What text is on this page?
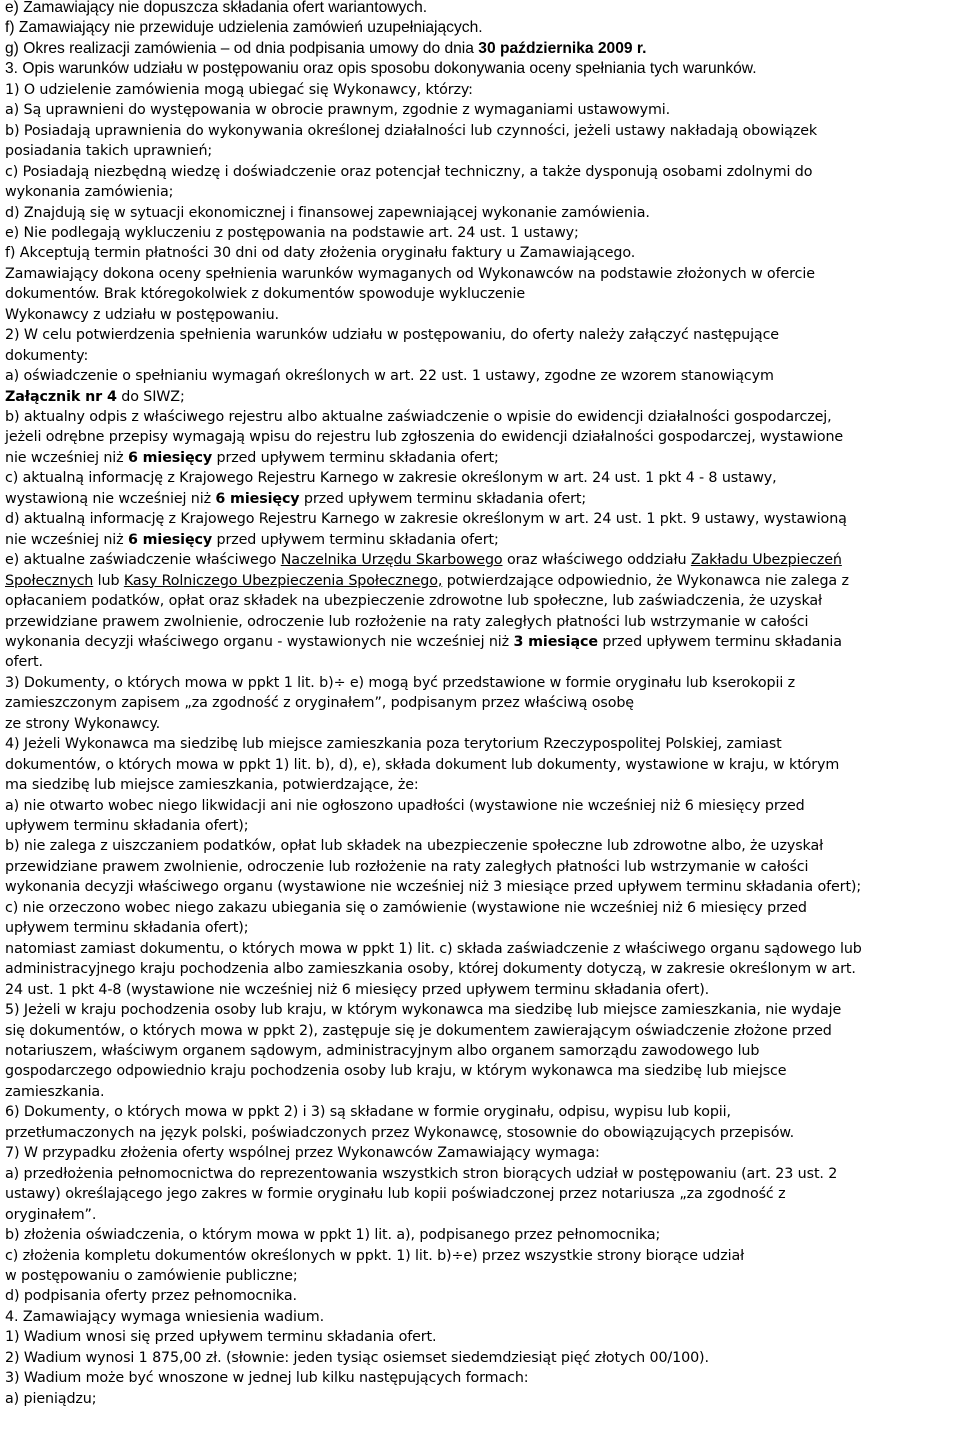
e) Zamawiający nie dopuszcza składania ofert wariantowych.
f) Zamawiający nie przewiduje udzielenia zamówień uzupełniających.
g) Okres realizacji zamówienia – od dnia podpisania umowy do dnia 30 października 2009 r.
3. Opis warunków udziału w postępowaniu oraz opis sposobu dokonywania oceny spełniania tych warunków.
1) O udzielenie zamówienia mogą ubiegać się Wykonawcy, którzy:
a) Są uprawnieni do występowania w obrocie prawnym, zgodnie z wymaganiami ustawowymi.
b) Posiadają uprawnienia do wykonywania określonej działalności lub czynności, jeżeli ustawy nakładają obowiązek
posiadania takich uprawnień;
c) Posiadają niezbędną wiedzę i doświadczenie oraz potencjał techniczny, a także dysponują osobami zdolnymi do
wykonania zamówienia;
d) Znajdują się w sytuacji ekonomicznej i finansowej zapewniającej wykonanie zamówienia.
e) Nie podlegają wykluczeniu z postępowania na podstawie art. 24 ust. 1 ustawy;
f) Akceptują termin płatności 30 dni od daty złożenia oryginału faktury u Zamawiającego.
Zamawiający dokona oceny spełnienia warunków wymaganych od Wykonawców na podstawie złożonych w ofercie
dokumentów. Brak któregokolwiek z dokumentów spowoduje wykluczenie
Wykonawcy z udziału w postępowaniu.
2) W celu potwierdzenia spełnienia warunków udziału w postępowaniu, do oferty należy załączyć następujące
dokumenty:
a) oświadczenie o spełnianiu wymagań określonych w art. 22 ust. 1 ustawy, zgodne ze wzorem stanowiącym
Załącznik nr 4 do SIWZ;
b) aktualny odpis z właściwego rejestru albo aktualne zaświadczenie o wpisie do ewidencji działalności gospodarczej,
jeżeli odrębne przepisy wymagają wpisu do rejestru lub zgłoszenia do ewidencji działalności gospodarczej, wystawione
nie wcześniej niż 6 miesięcy przed upływem terminu składania ofert;
c) aktualną informację z Krajowego Rejestru Karnego w zakresie określonym w art. 24 ust. 1 pkt 4 - 8 ustawy,
wystawioną nie wcześniej niż 6 miesięcy przed upływem terminu składania ofert;
d) aktualną informację z Krajowego Rejestru Karnego w zakresie określonym w art. 24 ust. 1 pkt. 9 ustawy, wystawioną
nie wcześniej niż 6 miesięcy przed upływem terminu składania ofert;
e) aktualne zaświadczenie właściwego Naczelnika Urzędu Skarbowego oraz właściwego oddziału Zakładu Ubezpieczeń
Społecznych lub Kasy Rolniczego Ubezpieczenia Społecznego, potwierdzające odpowiednio, że Wykonawca nie zalega z
opłacaniem podatków, opłat oraz składek na ubezpieczenie zdrowotne lub społeczne, lub zaświadczenia, że uzyskał
przewidziane prawem zwolnienie, odroczenie lub rozłożenie na raty zaległych płatności lub wstrzymanie w całości
wykonania decyzji właściwego organu - wystawionych nie wcześniej niż 3 miesiące przed upływem terminu składania
ofert.
3) Dokumenty, o których mowa w ppkt 1 lit. b)÷ e) mogą być przedstawione w formie oryginału lub kserokopii z
zamieszczonym zapisem „za zgodność z oryginałem”, podpisanym przez właściwą osobę
ze strony Wykonawcy.
4) Jeżeli Wykonawca ma siedzibę lub miejsce zamieszkania poza terytorium Rzeczypospolitej Polskiej, zamiast
dokumentów, o których mowa w ppkt 1) lit. b), d), e), składa dokument lub dokumenty, wystawione w kraju, w którym
ma siedzibę lub miejsce zamieszkania, potwierdzające, że:
a) nie otwarto wobec niego likwidacji ani nie ogłoszono upadłości (wystawione nie wcześniej niż 6 miesięcy przed
upływem terminu składania ofert);
b) nie zalega z uiszczaniem podatków, opłat lub składek na ubezpieczenie społeczne lub zdrowotne albo, że uzyskał
przewidziane prawem zwolnienie, odroczenie lub rozłożenie na raty zaległych płatności lub wstrzymanie w całości
wykonania decyzji właściwego organu (wystawione nie wcześniej niż 3 miesiące przed upływem terminu składania ofert);
c) nie orzeczono wobec niego zakazu ubiegania się o zamówienie (wystawione nie wcześniej niż 6 miesięcy przed
upływem terminu składania ofert);
natomiast zamiast dokumentu, o których mowa w ppkt 1) lit. c) składa zaświadczenie z właściwego organu sądowego lub
administracyjnego kraju pochodzenia albo zamieszkania osoby, której dokumenty dotyczą, w zakresie określonym w art.
24 ust. 1 pkt 4-8 (wystawione nie wcześniej niż 6 miesięcy przed upływem terminu składania ofert).
5) Jeżeli w kraju pochodzenia osoby lub kraju, w którym wykonawca ma siedzibę lub miejsce zamieszkania, nie wydaje
się dokumentów, o których mowa w ppkt 2), zastępuje się je dokumentem zawierającym oświadczenie złożone przed
notariuszem, właściwym organem sądowym, administracyjnym albo organem samorządu zawodowego lub
gospodarczego odpowiednio kraju pochodzenia osoby lub kraju, w którym wykonawca ma siedzibę lub miejsce
zamieszkania.
6) Dokumenty, o których mowa w ppkt 2) i 3) są składane w formie oryginału, odpisu, wypisu lub kopii,
przetłumaczonych na język polski, poświadczonych przez Wykonawcę, stosownie do obowiązujących przepisów.
7) W przypadku złożenia oferty wspólnej przez Wykonawców Zamawiający wymaga:
a) przedłożenia pełnomocnictwa do reprezentowania wszystkich stron biorących udział w postępowaniu (art. 23 ust. 2
ustawy) określającego jego zakres w formie oryginału lub kopii poświadczonej przez notariusza „za zgodność z
oryginałem”.
b) złożenia oświadczenia, o którym mowa w ppkt 1) lit. a), podpisanego przez pełnomocnika;
c) złożenia kompletu dokumentów określonych w ppkt. 1) lit. b)÷e) przez wszystkie strony biorące udział
w postępowaniu o zamówienie publiczne;
d) podpisania oferty przez pełnomocnika.
4. Zamawiający wymaga wniesienia wadium.
1) Wadium wnosi się przed upływem terminu składania ofert.
2) Wadium wynosi 1 875,00 zł. (słownie: jeden tysiąc osiemset siedemdziesiąt pięć złotych 00/100).
3) Wadium może być wnoszone w jednej lub kilku następujących formach:
a) pieniądzu;
